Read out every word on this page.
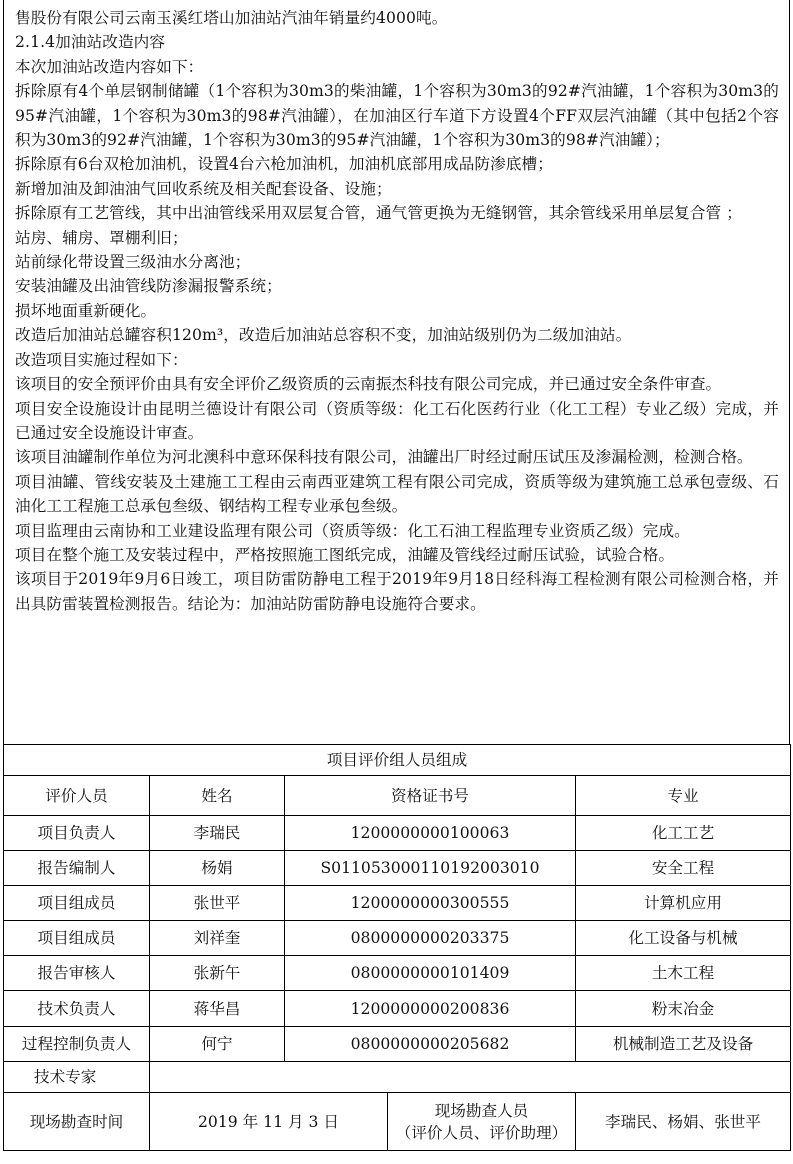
售股份有限公司云南玉溪红塔山加油站汽油年销量约4000吨。

2.1.4加油站改造内容

本次加油站改造内容如下：

拆除原有4个单层钢制储罐（1个容积为30m3的柴油罐，1个容积为30m3的92#汽油罐，1个容积为30m3的95#汽油罐，1个容积为30m3的98#汽油罐），在加油区行车道下方设置4个FF双层汽油罐（其中包括2个容积为30m3的92#汽油罐，1个容积为30m3的95#汽油罐，1个容积为30m3的98#汽油罐）；

拆除原有6台双枪加油机，设置4台六枪加油机，加油机底部用成品防渗底槽；

新增加油及卸油油气回收系统及相关配套设备、设施；

拆除原有工艺管线，其中出油管线采用双层复合管，通气管更换为无缝钢管，其余管线采用单层复合管 ；

站房、辅房、罩棚利旧；

站前绿化带设置三级油水分离池；

安装油罐及出油管线防渗漏报警系统；

损坏地面重新硬化。

改造后加油站总罐容积120m³，改造后加油站总容积不变，加油站级别仍为二级加油站。

改造项目实施过程如下：

该项目的安全预评价由具有安全评价乙级资质的云南振杰科技有限公司完成，并已通过安全条件审查。

项目安全设施设计由昆明兰德设计有限公司（资质等级：化工石化医药行业（化工工程）专业乙级）完成，并已通过安全设施设计审查。

该项目油罐制作单位为河北澳科中意环保科技有限公司，油罐出厂时经过耐压试压及渗漏检测，检测合格。

项目油罐、管线安装及土建施工工程由云南西亚建筑工程有限公司完成，资质等级为建筑施工总承包壹级、石油化工工程施工总承包叁级、钢结构工程专业承包叁级。

项目监理由云南协和工业建设监理有限公司（资质等级：化工石油工程监理专业资质乙级）完成。

项目在整个施工及安装过程中，严格按照施工图纸完成，油罐及管线经过耐压试验，试验合格。

该项目于2019年9月6日竣工，项目防雷防静电工程于2019年9月18日经科海工程检测有限公司检测合格，并出具防雷装置检测报告。结论为：加油站防雷防静电设施符合要求。

项目评价组人员组成				
评价人员	姓名	资格证书号		专业
项目负责人	李瑞民	1200000000100063		化工工艺
报告编制人	杨娟	S011053000110192003010		安全工程
项目组成员	张世平	1200000000300555		计算机应用
项目组成员	刘祥奎	0800000000203375		化工设备与机械
报告审核人	张新午	0800000000101409		土木工程
技术负责人	蒋华昌	1200000000200836		粉末冶金
过程控制负责人	何宁	0800000000205682		机械制造工艺及设备
技术专家				
现场勘查时间	2019 年 11 月 3 日		现场勘查人员
（评价人员、评价助理）	李瑞民、杨娟、张世平
